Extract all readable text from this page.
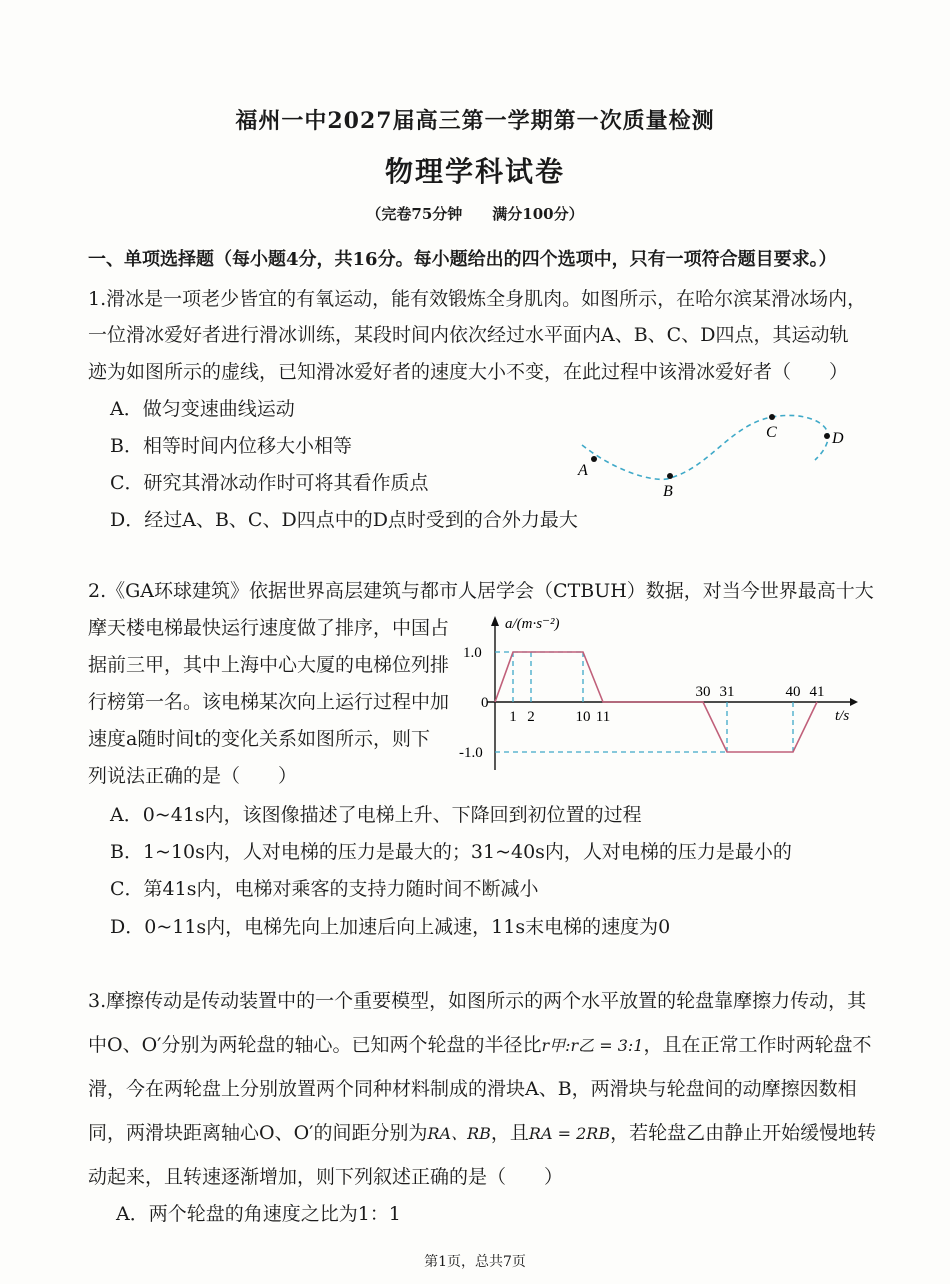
福州一中2027届高三第一学期第一次质量检测
物理学科试卷
（完卷75分钟　　满分100分）
一、单项选择题（每小题4分，共16分。每小题给出的四个选项中，只有一项符合题目要求。）
1.滑冰是一项老少皆宜的有氧运动，能有效锻炼全身肌肉。如图所示，在哈尔滨某滑冰场内，
一位滑冰爱好者进行滑冰训练，某段时间内依次经过水平面内A、B、C、D四点，其运动轨
迹为如图所示的虚线，已知滑冰爱好者的速度大小不变，在此过程中该滑冰爱好者（　　）
A．做匀变速曲线运动
B．相等时间内位移大小相等
C．研究其滑冰动作时可将其看作质点
D．经过A、B、C、D四点中的D点时受到的合外力最大
A
B
C	D
2.《GA环球建筑》依据世界高层建筑与都市人居学会（CTBUH）数据，对当今世界最高十大
摩天楼电梯最快运行速度做了排序，中国占
据前三甲，其中上海中心大厦的电梯位列排
行榜第一名。该电梯某次向上运行过程中加
速度a随时间t的变化关系如图所示，则下
列说法正确的是（　　）
A．0~41s内，该图像描述了电梯上升、下降回到初位置的过程
B．1~10s内，人对电梯的压力是最大的；31~40s内，人对电梯的压力是最小的
C．第41s内，电梯对乘客的支持力随时间不断减小
D．0~11s内，电梯先向上加速后向上减速，11s末电梯的速度为0
a/(m·s⁻²)
t/s
1.0
0
-1.0
1 2	10 11
30 31	40 41
3.摩擦传动是传动装置中的一个重要模型，如图所示的两个水平放置的轮盘靠摩擦力传动，其
中O、O′分别为两轮盘的轴心。已知两个轮盘的半径比r甲:r乙 = 3:1，且在正常工作时两轮盘不
滑，今在两轮盘上分别放置两个同种材料制成的滑块A、B，两滑块与轮盘间的动摩擦因数相
同，两滑块距离轴心O、O′的间距分别为RA、RB，且RA = 2RB，若轮盘乙由静止开始缓慢地转
动起来，且转速逐渐增加，则下列叙述正确的是（　　）
A．两个轮盘的角速度之比为1：1
第1页，总共7页
